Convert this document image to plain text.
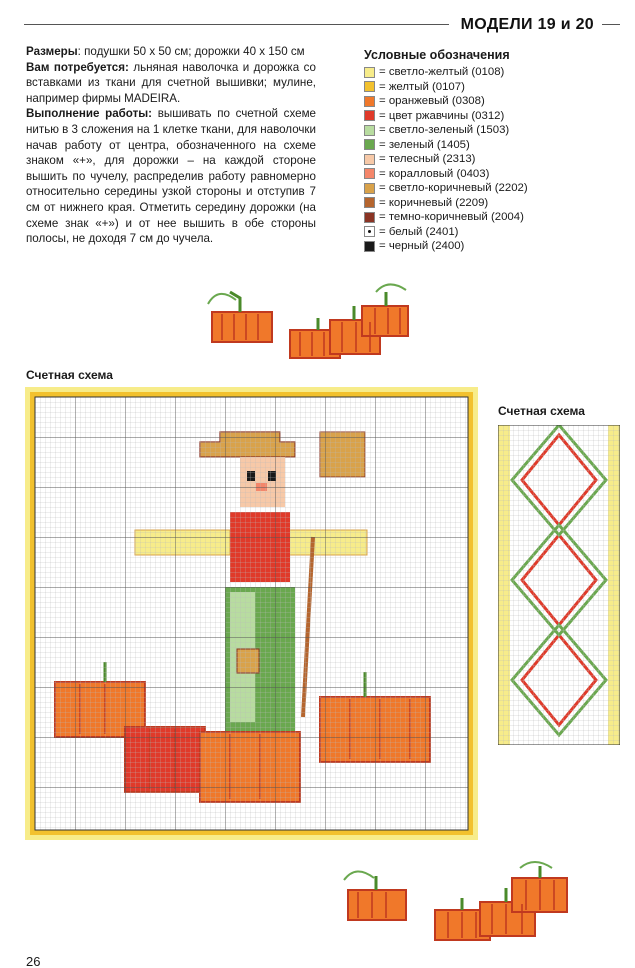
МОДЕЛИ 19 и 20

Размеры: подушки 50 х 50 см; дорожки 40 х 150 см

Вам потребуется: льняная наволочка и дорожка со вставками из ткани для счетной вышивки; мулине, например фирмы MADEIRA.

Выполнение работы: вышивать по счетной схеме нитью в 3 сложения на 1 клетке ткани, для наволочки начав работу от центра, обозначенного на схеме знаком «+», для дорожки – на каждой стороне вышить по чучелу, распределив работу равномерно относительно середины узкой стороны и отступив 7 см от нижнего края. Отметить середину дорожки (на схеме знак «+») и от нее вышить в обе стороны полосы, не доходя 7 см до чучела.

Условные обозначения
= светло-желтый (0108)
= желтый (0107)
= оранжевый (0308)
= цвет ржавчины (0312)
= светло-зеленый (1503)
= зеленый (1405)
= телесный (2313)
= коралловый (0403)
= светло-коричневый (2202)
= коричневый (2209)
= темно-коричневый (2004)
= белый (2401)
= черный (2400)
Счетная схема
Счетная схема
26
